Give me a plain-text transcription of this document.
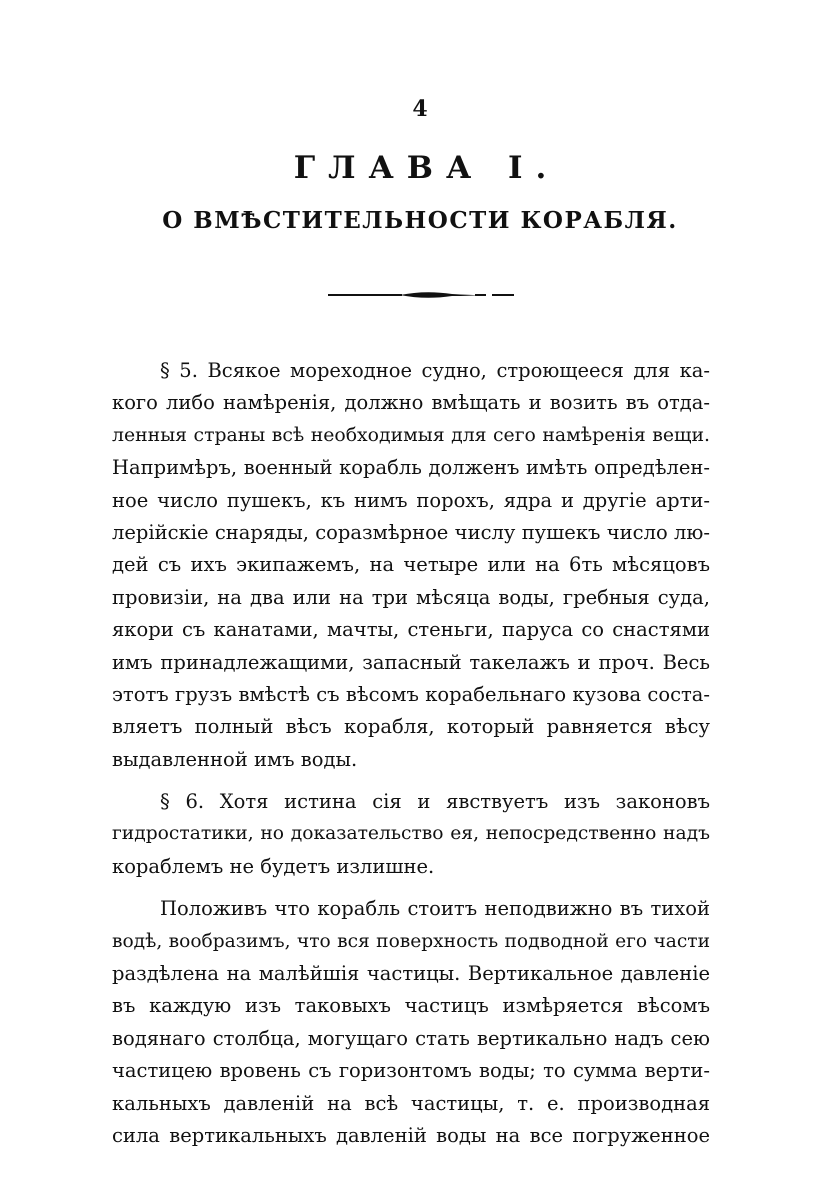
4
ГЛАВА I.
О ВМѢСТИТЕЛЬНОСТИ КОРАБЛЯ.
§ 5. Всякое мореходное судно, строющееся для ка-
кого либо намѣренія, должно вмѣщать и возить въ отда-
ленныя страны всѣ необходимыя для сего намѣренія вещи.
Напримѣръ, военный корабль долженъ имѣть опредѣлен-
ное число пушекъ, къ нимъ порохъ, ядра и другіе арти-
лерійскіе снаряды, соразмѣрное числу пушекъ число лю-
дей съ ихъ экипажемъ, на четыре или на 6ть мѣсяцовъ
провизіи, на два или на три мѣсяца воды, гребныя суда,
якори съ канатами, мачты, стеньги, паруса со снастями
имъ принадлежащими, запасный такелажъ и проч. Весь
этотъ грузъ вмѣстѣ съ вѣсомъ корабельнаго кузова соста-
вляетъ полный вѣсъ корабля, который равняется вѣсу
выдавленной имъ воды.
§ 6. Хотя истина сія и явствуетъ изъ законовъ
гидростатики, но доказательство ея, непосредственно надъ
кораблемъ не будетъ излишне.
Положивъ что корабль стоитъ неподвижно въ тихой
водѣ, вообразимъ, что вся поверхность подводной его части
раздѣлена на малѣйшія частицы. Вертикальное давленіе
въ каждую изъ таковыхъ частицъ измѣряется вѣсомъ
водянаго столбца, могущаго стать вертикально надъ сею
частицею вровень съ горизонтомъ воды; то сумма верти-
кальныхъ давленій на всѣ частицы, т. е. производная
сила вертикальныхъ давленій воды на все погруженное
